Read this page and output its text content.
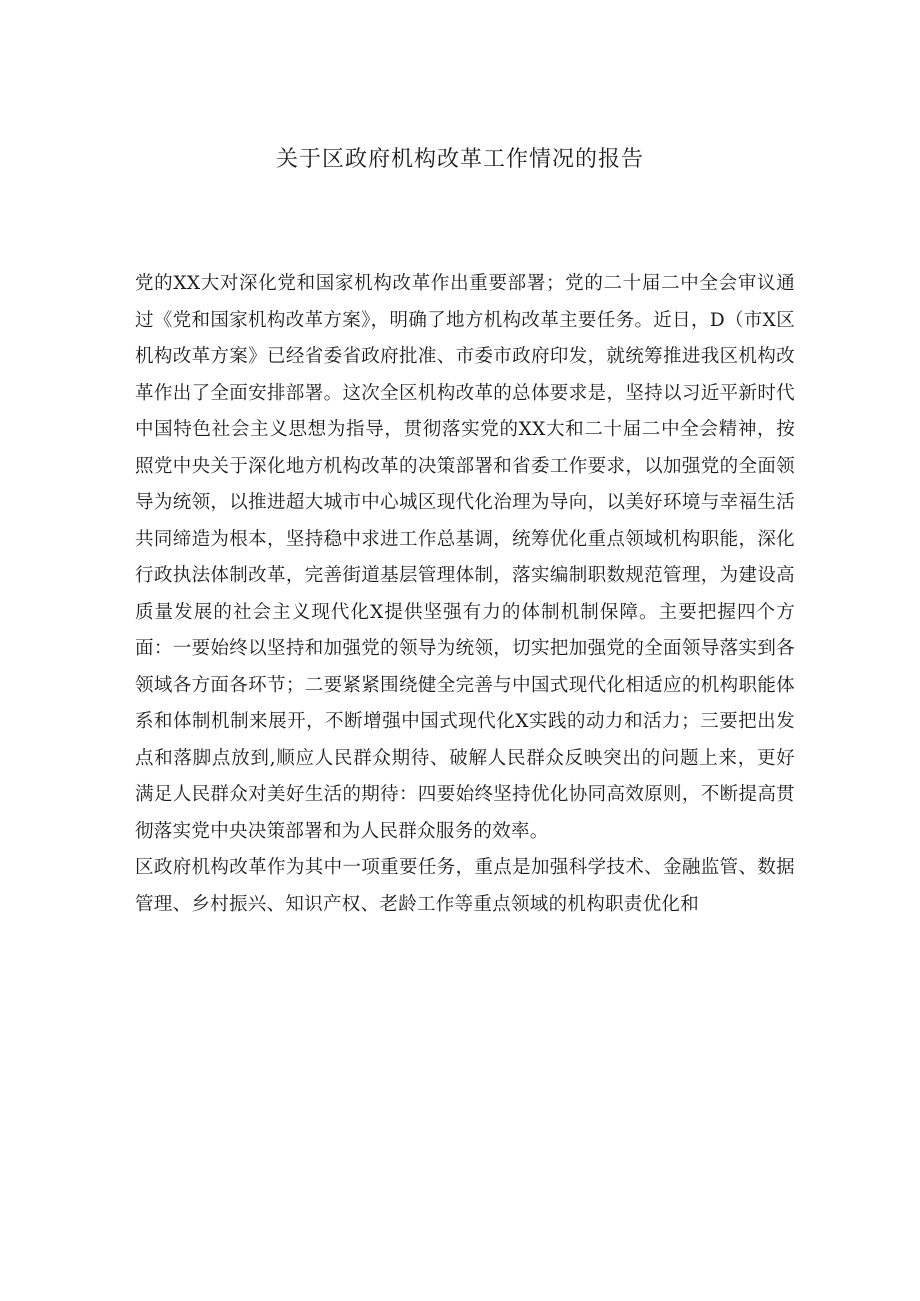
关于区政府机构改革工作情况的报告

党的XX大对深化党和国家机构改革作出重要部署；党的二十届二中全会审议通过《党和国家机构改革方案》，明确了地方机构改革主要任务。近日，D（市X区机构改革方案》已经省委省政府批准、市委市政府印发，就统筹推进我区机构改革作出了全面安排部署。这次全区机构改革的总体要求是，坚持以习近平新时代中国特色社会主义思想为指导，贯彻落实党的XX大和二十届二中全会精神，按照党中央关于深化地方机构改革的决策部署和省委工作要求，以加强党的全面领导为统领，以推进超大城市中心城区现代化治理为导向，以美好环境与幸福生活共同缔造为根本，坚持稳中求进工作总基调，统筹优化重点领域机构职能，深化行政执法体制改革，完善街道基层管理体制，落实编制职数规范管理，为建设高质量发展的社会主义现代化X提供坚强有力的体制机制保障。主要把握四个方面：一要始终以坚持和加强党的领导为统领，切实把加强党的全面领导落实到各领域各方面各环节；二要紧紧围绕健全完善与中国式现代化相适应的机构职能体系和体制机制来展开，不断增强中国式现代化X实践的动力和活力；三要把出发点和落脚点放到,顺应人民群众期待、破解人民群众反映突出的问题上来，更好满足人民群众对美好生活的期待：四要始终坚持优化协同高效原则，不断提高贯彻落实党中央决策部署和为人民群众服务的效率。

区政府机构改革作为其中一项重要任务，重点是加强科学技术、金融监管、数据管理、乡村振兴、知识产权、老龄工作等重点领域的机构职责优化和
